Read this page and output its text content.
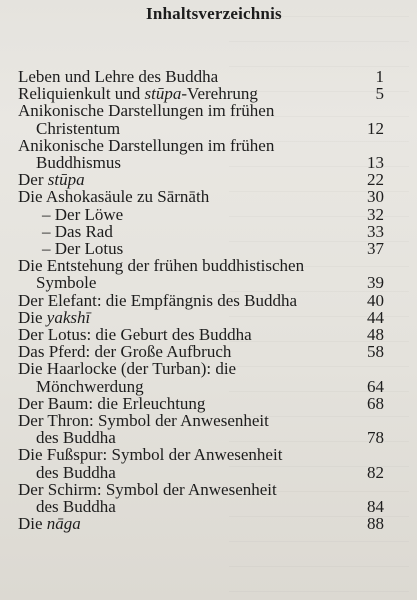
Inhaltsverzeichnis
Leben und Lehre des Buddha	1
Reliquienkult und stūpa-Verehrung	5
Anikonische Darstellungen im frühen
Christentum	12
Anikonische Darstellungen im frühen
Buddhismus	13
Der stūpa	22
Die Ashokasäule zu Sārnāth	30
– Der Löwe	32
– Das Rad	33
– Der Lotus	37
Die Entstehung der frühen buddhistischen
Symbole	39
Der Elefant: die Empfängnis des Buddha	40
Die yakshī	44
Der Lotus: die Geburt des Buddha	48
Das Pferd: der Große Aufbruch	58
Die Haarlocke (der Turban): die
Mönchwerdung	64
Der Baum: die Erleuchtung	68
Der Thron: Symbol der Anwesenheit
des Buddha	78
Die Fußspur: Symbol der Anwesenheit
des Buddha	82
Der Schirm: Symbol der Anwesenheit
des Buddha	84
Die nāga	88
